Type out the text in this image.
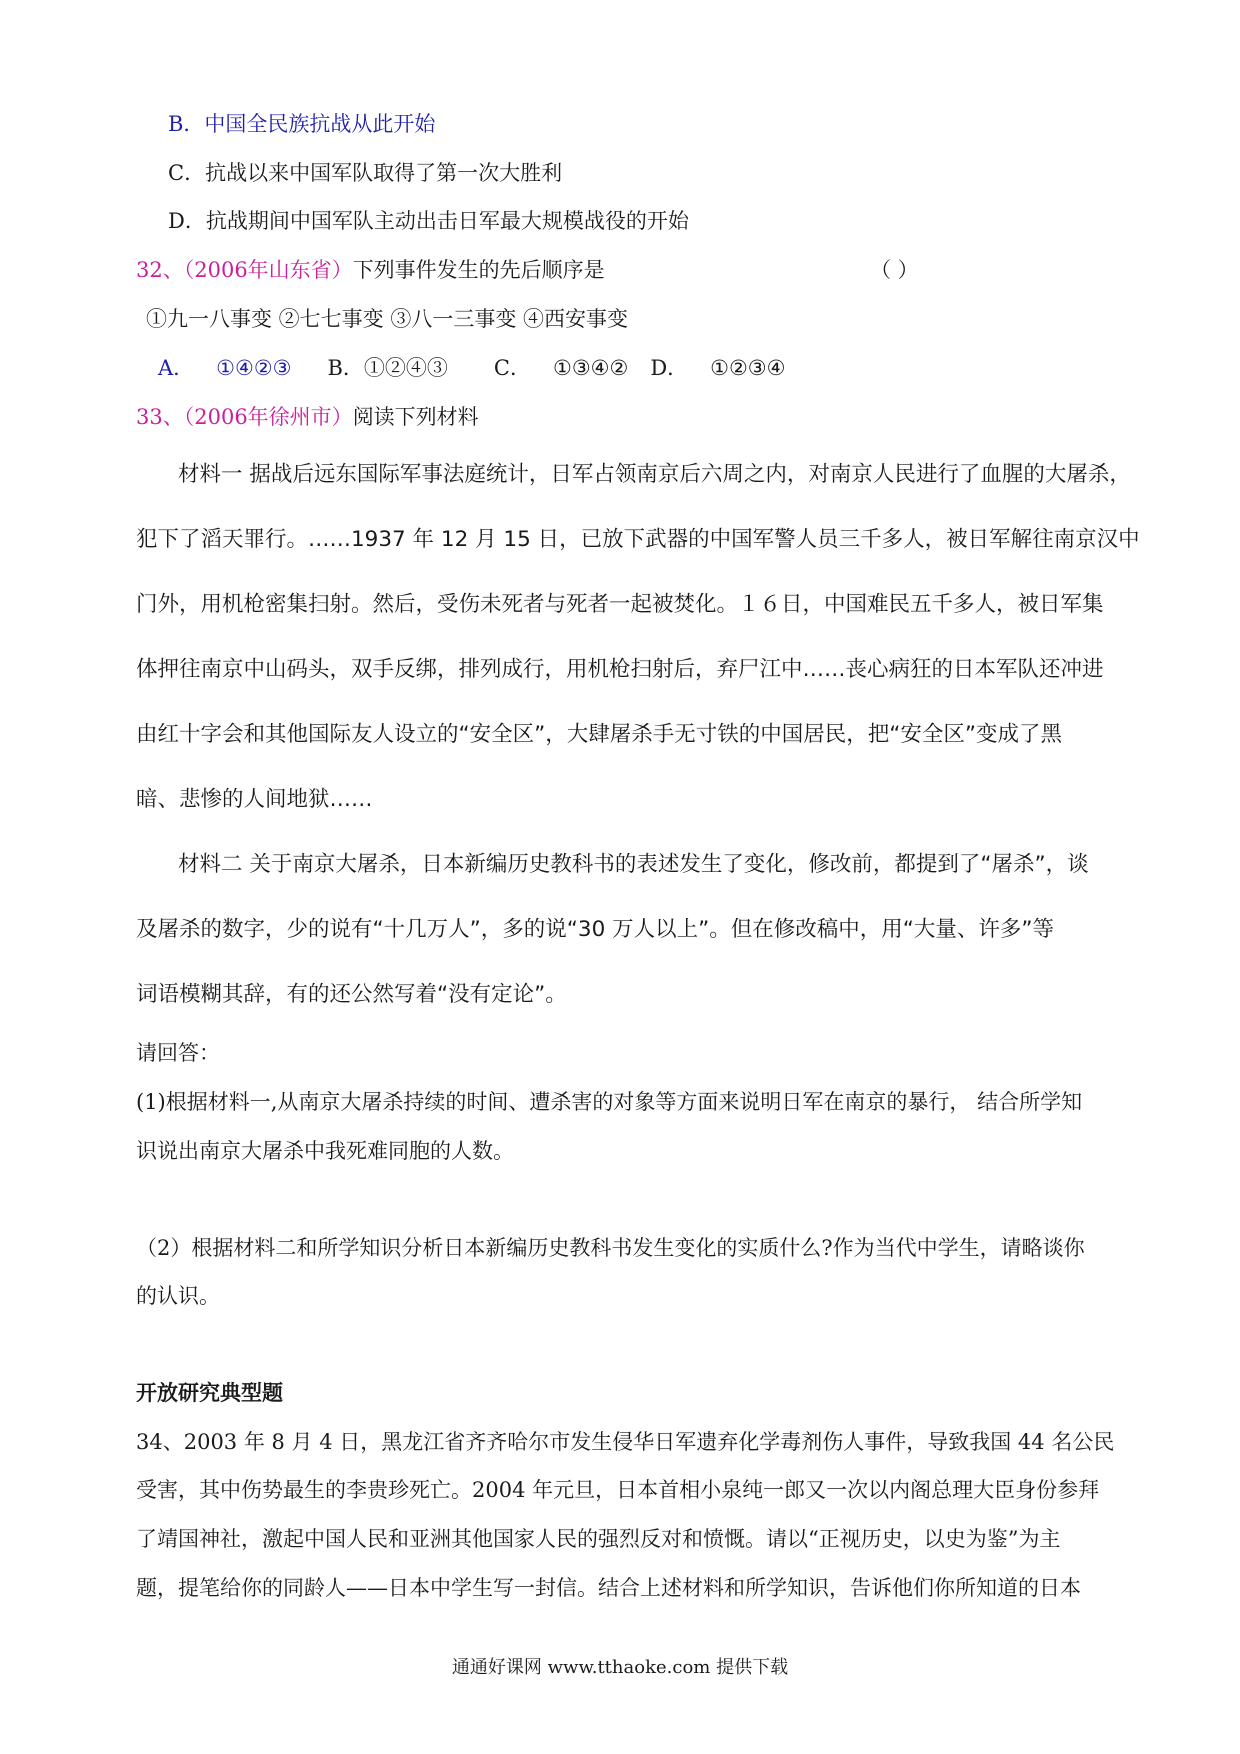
B．中国全民族抗战从此开始
C．抗战以来中国军队取得了第一次大胜利
D．抗战期间中国军队主动出击日军最大规模战役的开始
32、（2006年山东省）下列事件发生的先后顺序是	（ ）
①九一八事变 ②七七事变 ③八一三事变 ④西安事变
A． ①④②③ B．①②④③ C． ①③④② D． ①②③④
33、（2006年徐州市）阅读下列材料
材料一 据战后远东国际军事法庭统计，日军占领南京后六周之内，对南京人民进行了血腥的大屠杀，
犯下了滔天罪行。……1937 年 12 月 15 日，已放下武器的中国军警人员三千多人，被日军解往南京汉中
门外，用机枪密集扫射。然后，受伤未死者与死者一起被焚化。１６日，中国难民五千多人，被日军集
体押往南京中山码头，双手反绑，排列成行，用机枪扫射后，弃尸江中……丧心病狂的日本军队还冲进
由红十字会和其他国际友人设立的“安全区”，大肆屠杀手无寸铁的中国居民，把“安全区”变成了黑
暗、悲惨的人间地狱……
材料二 关于南京大屠杀，日本新编历史教科书的表述发生了变化，修改前，都提到了“屠杀”，谈
及屠杀的数字，少的说有“十几万人”，多的说“30 万人以上”。但在修改稿中，用“大量、许多”等
词语模糊其辞，有的还公然写着“没有定论”。
请回答：
(1)根据材料一,从南京大屠杀持续的时间、遭杀害的对象等方面来说明日军在南京的暴行， 结合所学知
识说出南京大屠杀中我死难同胞的人数。
（2）根据材料二和所学知识分析日本新编历史教科书发生变化的实质什么?作为当代中学生，请略谈你
的认识。
开放研究典型题
34、2003 年 8 月 4 日，黑龙江省齐齐哈尔市发生侵华日军遗弃化学毒剂伤人事件，导致我国 44 名公民
受害，其中伤势最生的李贵珍死亡。2004 年元旦，日本首相小泉纯一郎又一次以内阁总理大臣身份参拜
了靖国神社，激起中国人民和亚洲其他国家人民的强烈反对和愤慨。请以“正视历史，以史为鉴”为主
题，提笔给你的同龄人——日本中学生写一封信。结合上述材料和所学知识，告诉他们你所知道的日本
通通好课网 www.tthaoke.com 提供下载
